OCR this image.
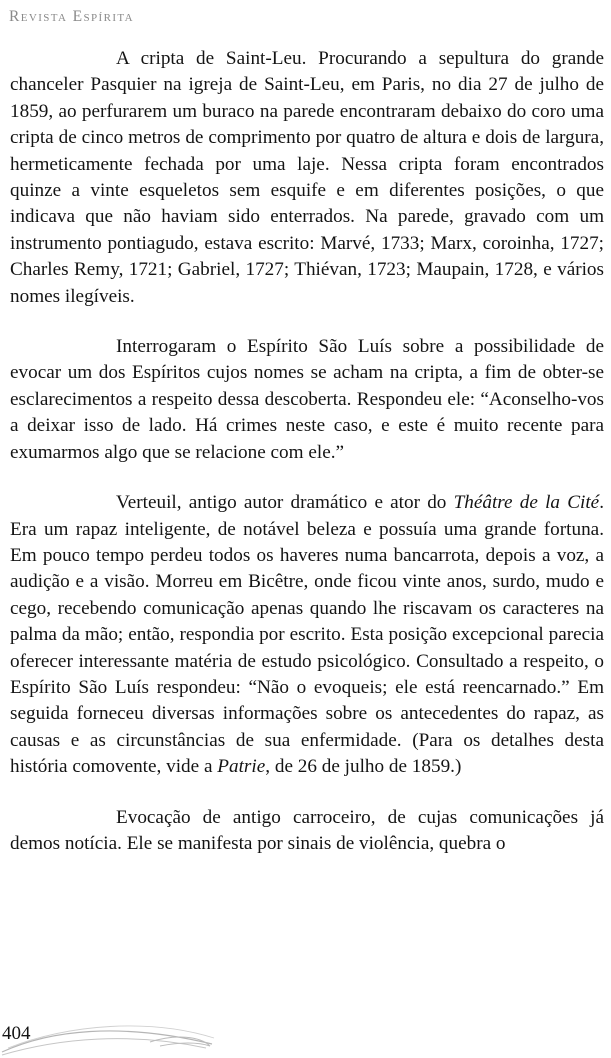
Revista Espírita

A cripta de Saint-Leu. Procurando a sepultura do grande chanceler Pasquier na igreja de Saint-Leu, em Paris, no dia 27 de julho de 1859, ao perfurarem um buraco na parede encontraram debaixo do coro uma cripta de cinco metros de comprimento por quatro de altura e dois de largura, hermeticamente fechada por uma laje. Nessa cripta foram encontrados quinze a vinte esqueletos sem esquife e em diferentes posições, o que indicava que não haviam sido enterrados. Na parede, gravado com um instrumento pontiagudo, estava escrito: Marvé, 1733; Marx, coroinha, 1727; Charles Remy, 1721; Gabriel, 1727; Thiévan, 1723; Maupain, 1728, e vários nomes ilegíveis.

Interrogaram o Espírito São Luís sobre a possibilidade de evocar um dos Espíritos cujos nomes se acham na cripta, a fim de obter-se esclarecimentos a respeito dessa descoberta. Respondeu ele: “Aconselho-vos a deixar isso de lado. Há crimes neste caso, e este é muito recente para exumarmos algo que se relacione com ele.”

Verteuil, antigo autor dramático e ator do Théâtre de la Cité. Era um rapaz inteligente, de notável beleza e possuía uma grande fortuna. Em pouco tempo perdeu todos os haveres numa bancarrota, depois a voz, a audição e a visão. Morreu em Bicêtre, onde ficou vinte anos, surdo, mudo e cego, recebendo comunicação apenas quando lhe riscavam os caracteres na palma da mão; então, respondia por escrito. Esta posição excepcional parecia oferecer interessante matéria de estudo psicológico. Consultado a respeito, o Espírito São Luís respondeu: “Não o evoqueis; ele está reencarnado.” Em seguida forneceu diversas informações sobre os antecedentes do rapaz, as causas e as circunstâncias de sua enfermidade. (Para os detalhes desta história comovente, vide a Patrie, de 26 de julho de 1859.)

Evocação de antigo carroceiro, de cujas comunicações já demos notícia. Ele se manifesta por sinais de violência, quebra o

404
